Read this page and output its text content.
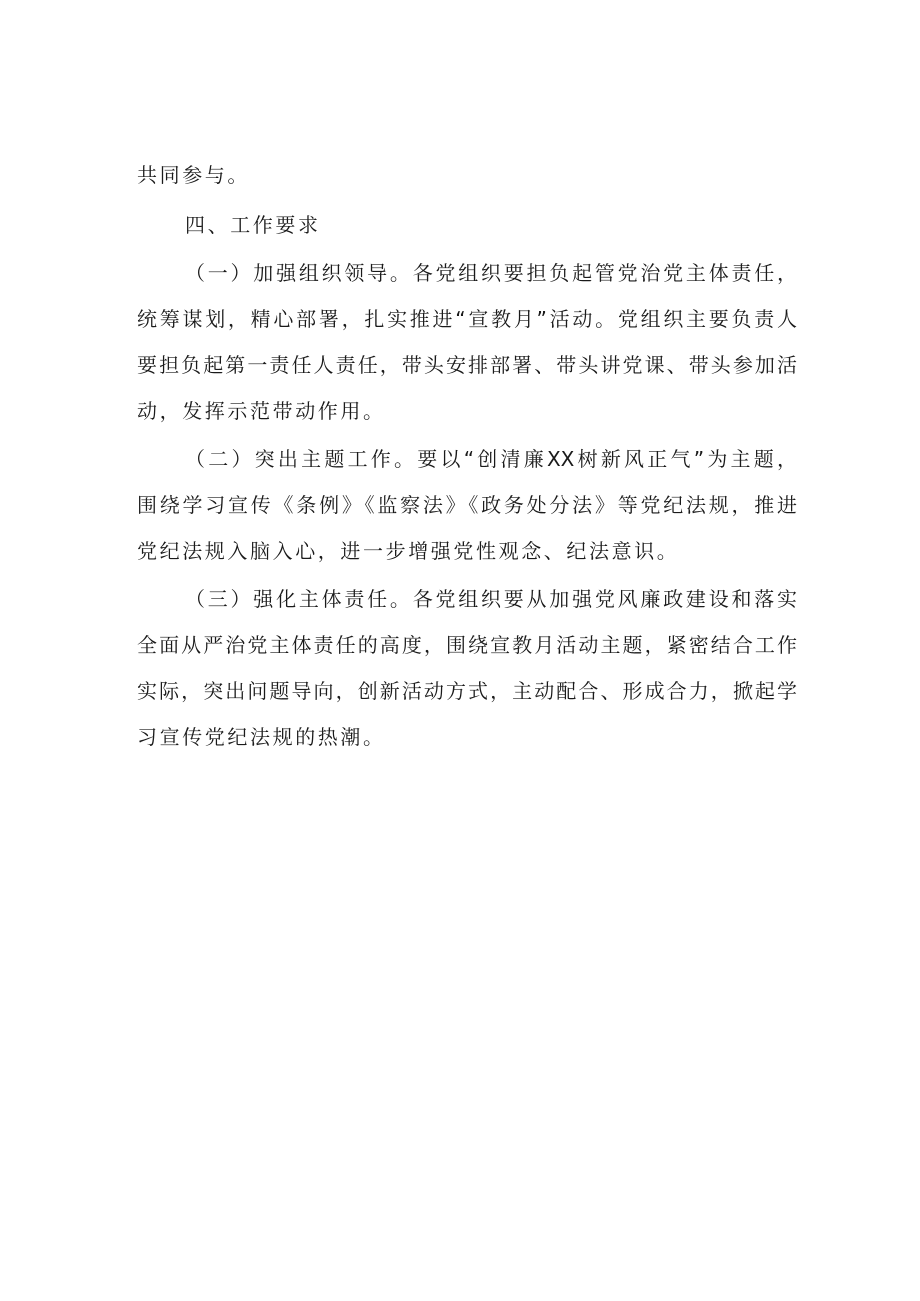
共同参与。
四、工作要求
（一）加强组织领导。各党组织要担负起管党治党主体责任，
统筹谋划，精心部署，扎实推进“宣教月”活动。党组织主要负责人
要担负起第一责任人责任，带头安排部署、带头讲党课、带头参加活
动，发挥示范带动作用。
（二）突出主题工作。要以“创清廉XX树新风正气”为主题，
围绕学习宣传《条例》《监察法》《政务处分法》等党纪法规，推进
党纪法规入脑入心，进一步增强党性观念、纪法意识。
（三）强化主体责任。各党组织要从加强党风廉政建设和落实
全面从严治党主体责任的高度，围绕宣教月活动主题，紧密结合工作
实际，突出问题导向，创新活动方式，主动配合、形成合力，掀起学
习宣传党纪法规的热潮。
